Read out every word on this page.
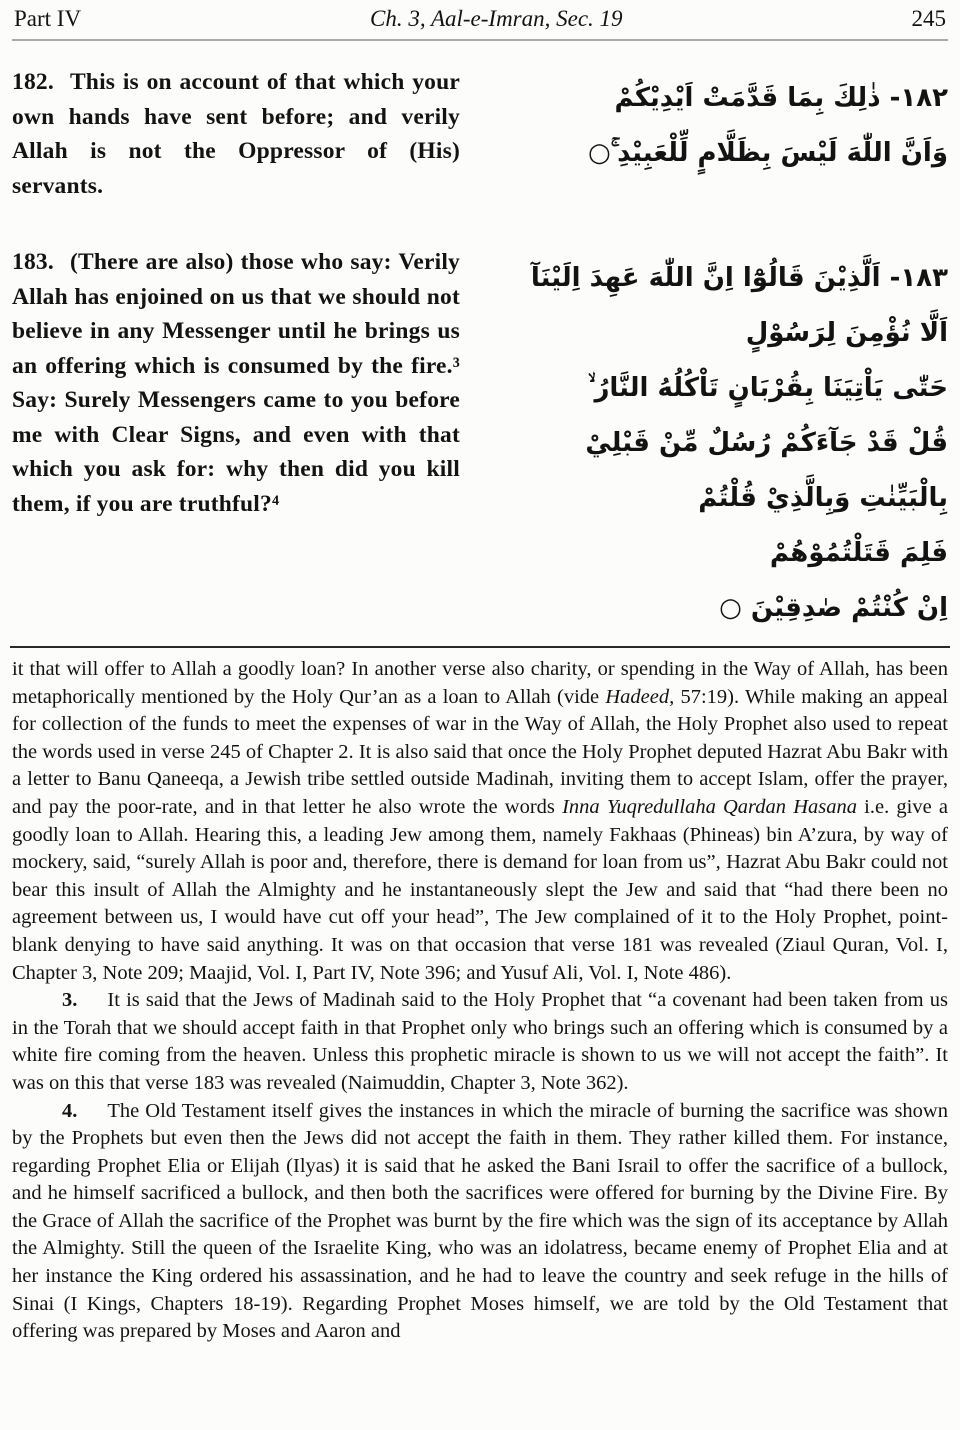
Part IV	Ch. 3, Aal-e-Imran, Sec. 19	245
182. This is on account of that which your own hands have sent before; and verily Allah is not the Oppressor of (His) servants.
١٨٢- ذٰلِكَ بِمَا قَدَّمَتْ اَيْدِيْكُمْ
وَاَنَّ اللّٰهَ لَيْسَ بِظَلَّامٍ لِّلْعَبِيْدِ ۚ○
183. (There are also) those who say: Verily Allah has enjoined on us that we should not believe in any Messenger until he brings us an offering which is consumed by the fire.³ Say: Surely Messengers came to you before me with Clear Signs, and even with that which you ask for: why then did you kill them, if you are truthful?⁴
١٨٣- اَلَّذِيْنَ قَالُوْٓا اِنَّ اللّٰهَ عَهِدَ اِلَيْنَآ
اَلَّا نُؤْمِنَ لِرَسُوْلٍ
حَتّٰى يَاْتِيَنَا بِقُرْبَانٍ تَاْكُلُهُ النَّارُ ۙ
قُلْ قَدْ جَآءَكُمْ رُسُلٌ مِّنْ قَبْلِيْ
بِالْبَيِّنٰتِ وَبِالَّذِيْ قُلْتُمْ
فَلِمَ قَتَلْتُمُوْهُمْ
اِنْ كُنْتُمْ صٰدِقِيْنَ ○

it that will offer to Allah a goodly loan? In another verse also charity, or spending in the Way of Allah, has been metaphorically mentioned by the Holy Qur’an as a loan to Allah (vide Hadeed, 57:19). While making an appeal for collection of the funds to meet the expenses of war in the Way of Allah, the Holy Prophet also used to repeat the words used in verse 245 of Chapter 2. It is also said that once the Holy Prophet deputed Hazrat Abu Bakr with a letter to Banu Qaneeqa, a Jewish tribe settled outside Madinah, inviting them to accept Islam, offer the prayer, and pay the poor-rate, and in that letter he also wrote the words Inna Yuqredullaha Qardan Hasana i.e. give a goodly loan to Allah. Hearing this, a leading Jew among them, namely Fakhaas (Phineas) bin A’zura, by way of mockery, said, “surely Allah is poor and, therefore, there is demand for loan from us”, Hazrat Abu Bakr could not bear this insult of Allah the Almighty and he instantaneously slept the Jew and said that “had there been no agreement between us, I would have cut off your head”, The Jew complained of it to the Holy Prophet, point-blank denying to have said anything. It was on that occasion that verse 181 was revealed (Ziaul Quran, Vol. I, Chapter 3, Note 209; Maajid, Vol. I, Part IV, Note 396; and Yusuf Ali, Vol. I, Note 486).

3. It is said that the Jews of Madinah said to the Holy Prophet that “a covenant had been taken from us in the Torah that we should accept faith in that Prophet only who brings such an offering which is consumed by a white fire coming from the heaven. Unless this prophetic miracle is shown to us we will not accept the faith”. It was on this that verse 183 was revealed (Naimuddin, Chapter 3, Note 362).

4. The Old Testament itself gives the instances in which the miracle of burning the sacrifice was shown by the Prophets but even then the Jews did not accept the faith in them. They rather killed them. For instance, regarding Prophet Elia or Elijah (Ilyas) it is said that he asked the Bani Israil to offer the sacrifice of a bullock, and he himself sacrificed a bullock, and then both the sacrifices were offered for burning by the Divine Fire. By the Grace of Allah the sacrifice of the Prophet was burnt by the fire which was the sign of its acceptance by Allah the Almighty. Still the queen of the Israelite King, who was an idolatress, became enemy of Prophet Elia and at her instance the King ordered his assassination, and he had to leave the country and seek refuge in the hills of Sinai (I Kings, Chapters 18-19). Regarding Prophet Moses himself, we are told by the Old Testament that offering was prepared by Moses and Aaron and
